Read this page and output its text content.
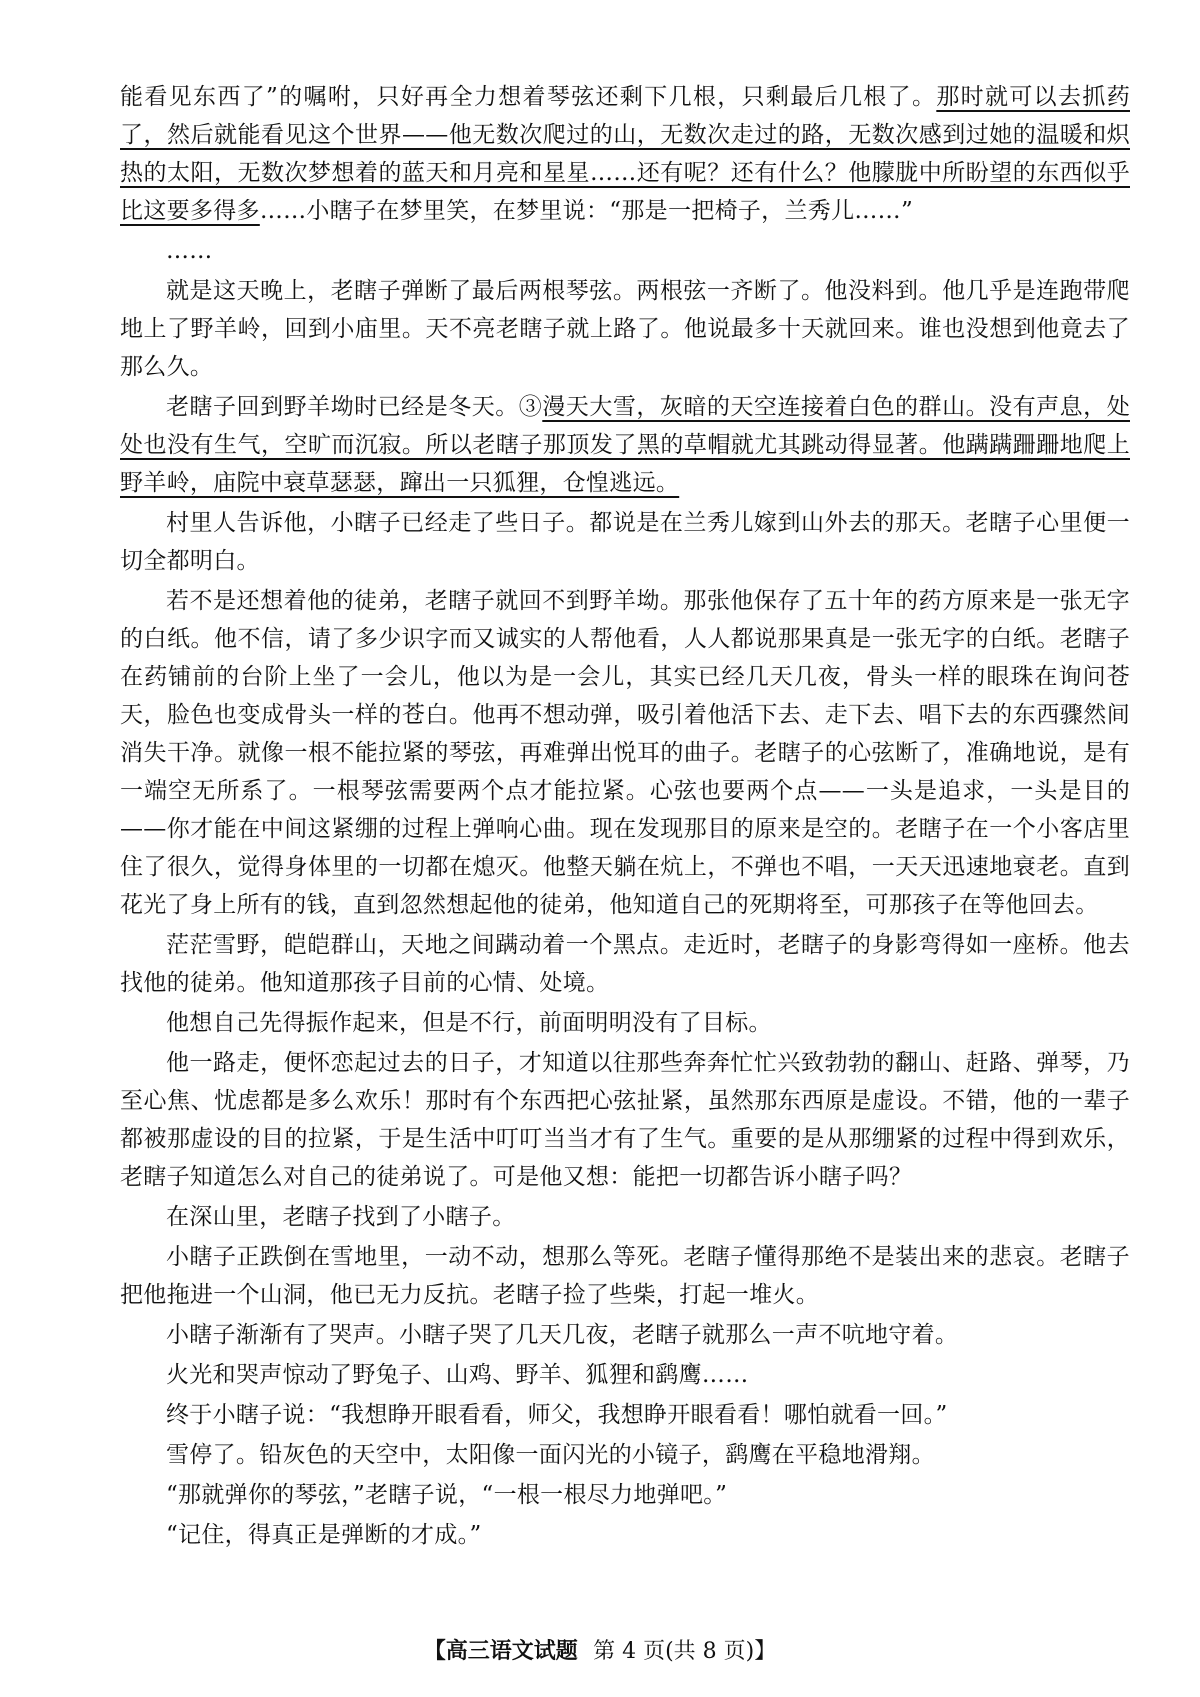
能看见东西了”的嘱咐，只好再全力想着琴弦还剩下几根，只剩最后几根了。那时就可以去抓药了，然后就能看见这个世界——他无数次爬过的山，无数次走过的路，无数次感到过她的温暖和炽热的太阳，无数次梦想着的蓝天和月亮和星星……还有呢？还有什么？他朦胧中所盼望的东西似乎比这要多得多……小瞎子在梦里笑，在梦里说：“那是一把椅子，兰秀儿……”

……

就是这天晚上，老瞎子弹断了最后两根琴弦。两根弦一齐断了。他没料到。他几乎是连跑带爬地上了野羊岭，回到小庙里。天不亮老瞎子就上路了。他说最多十天就回来。谁也没想到他竟去了那么久。

老瞎子回到野羊坳时已经是冬天。③漫天大雪，灰暗的天空连接着白色的群山。没有声息，处处也没有生气，空旷而沉寂。所以老瞎子那顶发了黑的草帽就尤其跳动得显著。他蹒蹒跚跚地爬上野羊岭，庙院中衰草瑟瑟，蹿出一只狐狸，仓惶逃远。

村里人告诉他，小瞎子已经走了些日子。都说是在兰秀儿嫁到山外去的那天。老瞎子心里便一切全都明白。

若不是还想着他的徒弟，老瞎子就回不到野羊坳。那张他保存了五十年的药方原来是一张无字的白纸。他不信，请了多少识字而又诚实的人帮他看，人人都说那果真是一张无字的白纸。老瞎子在药铺前的台阶上坐了一会儿，他以为是一会儿，其实已经几天几夜，骨头一样的眼珠在询问苍天，脸色也变成骨头一样的苍白。他再不想动弹，吸引着他活下去、走下去、唱下去的东西骤然间消失干净。就像一根不能拉紧的琴弦，再难弹出悦耳的曲子。老瞎子的心弦断了，准确地说，是有一端空无所系了。一根琴弦需要两个点才能拉紧。心弦也要两个点——一头是追求，一头是目的——你才能在中间这紧绷的过程上弹响心曲。现在发现那目的原来是空的。老瞎子在一个小客店里住了很久，觉得身体里的一切都在熄灭。他整天躺在炕上，不弹也不唱，一天天迅速地衰老。直到花光了身上所有的钱，直到忽然想起他的徒弟，他知道自己的死期将至，可那孩子在等他回去。

茫茫雪野，皑皑群山，天地之间蹒动着一个黑点。走近时，老瞎子的身影弯得如一座桥。他去找他的徒弟。他知道那孩子目前的心情、处境。

他想自己先得振作起来，但是不行，前面明明没有了目标。

他一路走，便怀恋起过去的日子，才知道以往那些奔奔忙忙兴致勃勃的翻山、赶路、弹琴，乃至心焦、忧虑都是多么欢乐！那时有个东西把心弦扯紧，虽然那东西原是虚设。不错，他的一辈子都被那虚设的目的拉紧，于是生活中叮叮当当才有了生气。重要的是从那绷紧的过程中得到欢乐，老瞎子知道怎么对自己的徒弟说了。可是他又想：能把一切都告诉小瞎子吗？

在深山里，老瞎子找到了小瞎子。

小瞎子正跌倒在雪地里，一动不动，想那么等死。老瞎子懂得那绝不是装出来的悲哀。老瞎子把他拖进一个山洞，他已无力反抗。老瞎子捡了些柴，打起一堆火。

小瞎子渐渐有了哭声。小瞎子哭了几天几夜，老瞎子就那么一声不吭地守着。

火光和哭声惊动了野兔子、山鸡、野羊、狐狸和鹞鹰……

终于小瞎子说：“我想睁开眼看看，师父，我想睁开眼看看！哪怕就看一回。”

雪停了。铅灰色的天空中，太阳像一面闪光的小镜子，鹞鹰在平稳地滑翔。

“那就弹你的琴弦，”老瞎子说，“一根一根尽力地弹吧。”

“记住，得真正是弹断的才成。”

【高三语文试题 第 4 页(共 8 页)】
